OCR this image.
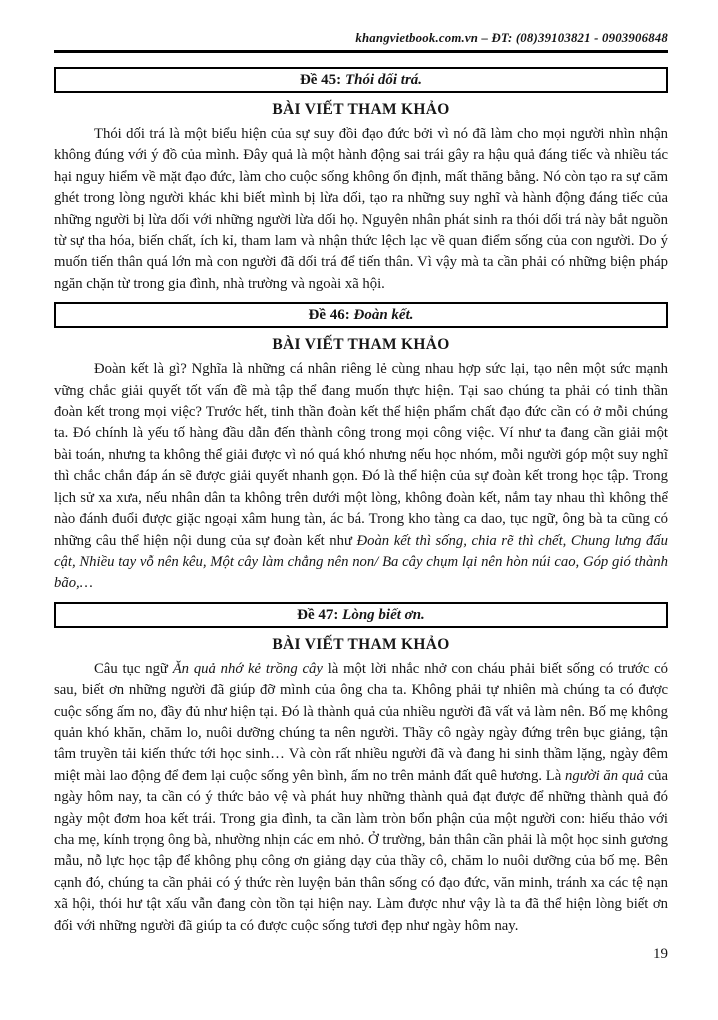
khangvietbook.com.vn – ĐT: (08)39103821 - 0903906848
Đề 45: Thói dối trá.
BÀI VIẾT THAM KHẢO

Thói dối trá là một biểu hiện của sự suy đồi đạo đức bởi vì nó đã làm cho mọi người nhìn nhận không đúng với ý đồ của mình. Đây quả là một hành động sai trái gây ra hậu quả đáng tiếc và nhiều tác hại nguy hiểm về mặt đạo đức, làm cho cuộc sống không ổn định, mất thăng bằng. Nó còn tạo ra sự căm ghét trong lòng người khác khi biết mình bị lừa dối, tạo ra những suy nghĩ và hành động đáng tiếc của những người bị lừa dối với những người lừa dối họ. Nguyên nhân phát sinh ra thói dối trá này bắt nguồn từ sự tha hóa, biến chất, ích kỉ, tham lam và nhận thức lệch lạc về quan điểm sống của con người. Do ý muốn tiến thân quá lớn mà con người đã dối trá để tiến thân. Vì vậy mà ta cần phải có những biện pháp ngăn chặn từ trong gia đình, nhà trường và ngoài xã hội.

Đề 46: Đoàn kết.
BÀI VIẾT THAM KHẢO

Đoàn kết là gì? Nghĩa là những cá nhân riêng lẻ cùng nhau hợp sức lại, tạo nên một sức mạnh vững chắc giải quyết tốt vấn đề mà tập thể đang muốn thực hiện. Tại sao chúng ta phải có tinh thần đoàn kết trong mọi việc? Trước hết, tinh thần đoàn kết thể hiện phẩm chất đạo đức cần có ở mỗi chúng ta. Đó chính là yếu tố hàng đầu dẫn đến thành công trong mọi công việc. Ví như ta đang cần giải một bài toán, nhưng ta không thể giải được vì nó quá khó nhưng nếu học nhóm, mỗi người góp một suy nghĩ thì chắc chắn đáp án sẽ được giải quyết nhanh gọn. Đó là thể hiện của sự đoàn kết trong học tập. Trong lịch sử xa xưa, nếu nhân dân ta không trên dưới một lòng, không đoàn kết, nắm tay nhau thì không thể nào đánh đuổi được giặc ngoại xâm hung tàn, ác bá. Trong kho tàng ca dao, tục ngữ, ông bà ta cũng có những câu thể hiện nội dung của sự đoàn kết như Đoàn kết thì sống, chia rẽ thì chết, Chung lưng đấu cật, Nhiều tay vỗ nên kêu, Một cây làm chẳng nên non/ Ba cây chụm lại nên hòn núi cao, Góp gió thành bão,…

Đề 47: Lòng biết ơn.
BÀI VIẾT THAM KHẢO

Câu tục ngữ Ăn quả nhớ kẻ trồng cây là một lời nhắc nhở con cháu phải biết sống có trước có sau, biết ơn những người đã giúp đỡ mình của ông cha ta. Không phải tự nhiên mà chúng ta có được cuộc sống ấm no, đầy đủ như hiện tại. Đó là thành quả của nhiều người đã vất vả làm nên. Bố mẹ không quản khó khăn, chăm lo, nuôi dưỡng chúng ta nên người. Thầy cô ngày ngày đứng trên bục giảng, tận tâm truyền tải kiến thức tới học sinh… Và còn rất nhiều người đã và đang hi sinh thầm lặng, ngày đêm miệt mài lao động để đem lại cuộc sống yên bình, ấm no trên mảnh đất quê hương. Là người ăn quả của ngày hôm nay, ta cần có ý thức bảo vệ và phát huy những thành quả đạt được để những thành quả đó ngày một đơm hoa kết trái. Trong gia đình, ta cần làm tròn bổn phận của một người con: hiếu thảo với cha mẹ, kính trọng ông bà, nhường nhịn các em nhỏ. Ở trường, bản thân cần phải là một học sinh gương mẫu, nỗ lực học tập để không phụ công ơn giảng dạy của thầy cô, chăm lo nuôi dưỡng của bố mẹ. Bên cạnh đó, chúng ta cần phải có ý thức rèn luyện bản thân sống có đạo đức, văn minh, tránh xa các tệ nạn xã hội, thói hư tật xấu vẫn đang còn tồn tại hiện nay. Làm được như vậy là ta đã thể hiện lòng biết ơn đối với những người đã giúp ta có được cuộc sống tươi đẹp như ngày hôm nay.

19
